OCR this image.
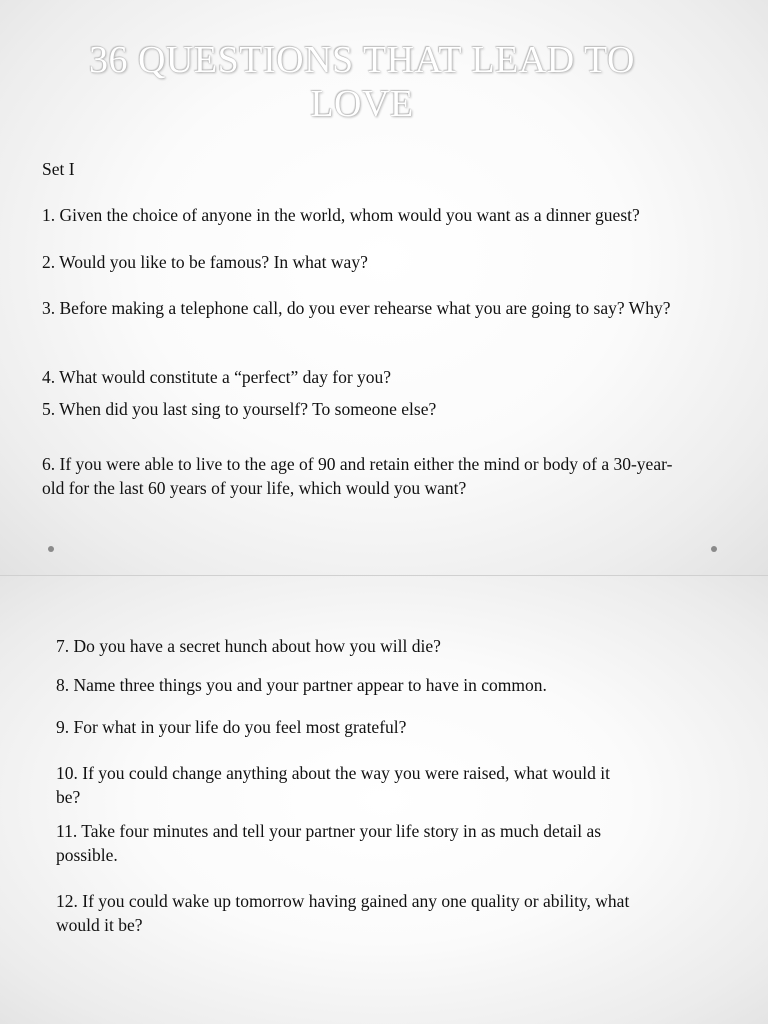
36 QUESTIONS THAT LEAD TO LOVE

Set I

1. Given the choice of anyone in the world, whom would you want as a dinner guest?

2. Would you like to be famous? In what way?

3. Before making a telephone call, do you ever rehearse what you are going to say? Why?

4. What would constitute a “perfect” day for you?

5. When did you last sing to yourself? To someone else?

6. If you were able to live to the age of 90 and retain either the mind or body of a 30-year-old for the last 60 years of your life, which would you want?

7. Do you have a secret hunch about how you will die?

8. Name three things you and your partner appear to have in common.

9. For what in your life do you feel most grateful?

10. If you could change anything about the way you were raised, what would it be?

11. Take four minutes and tell your partner your life story in as much detail as possible.

12. If you could wake up tomorrow having gained any one quality or ability, what would it be?
